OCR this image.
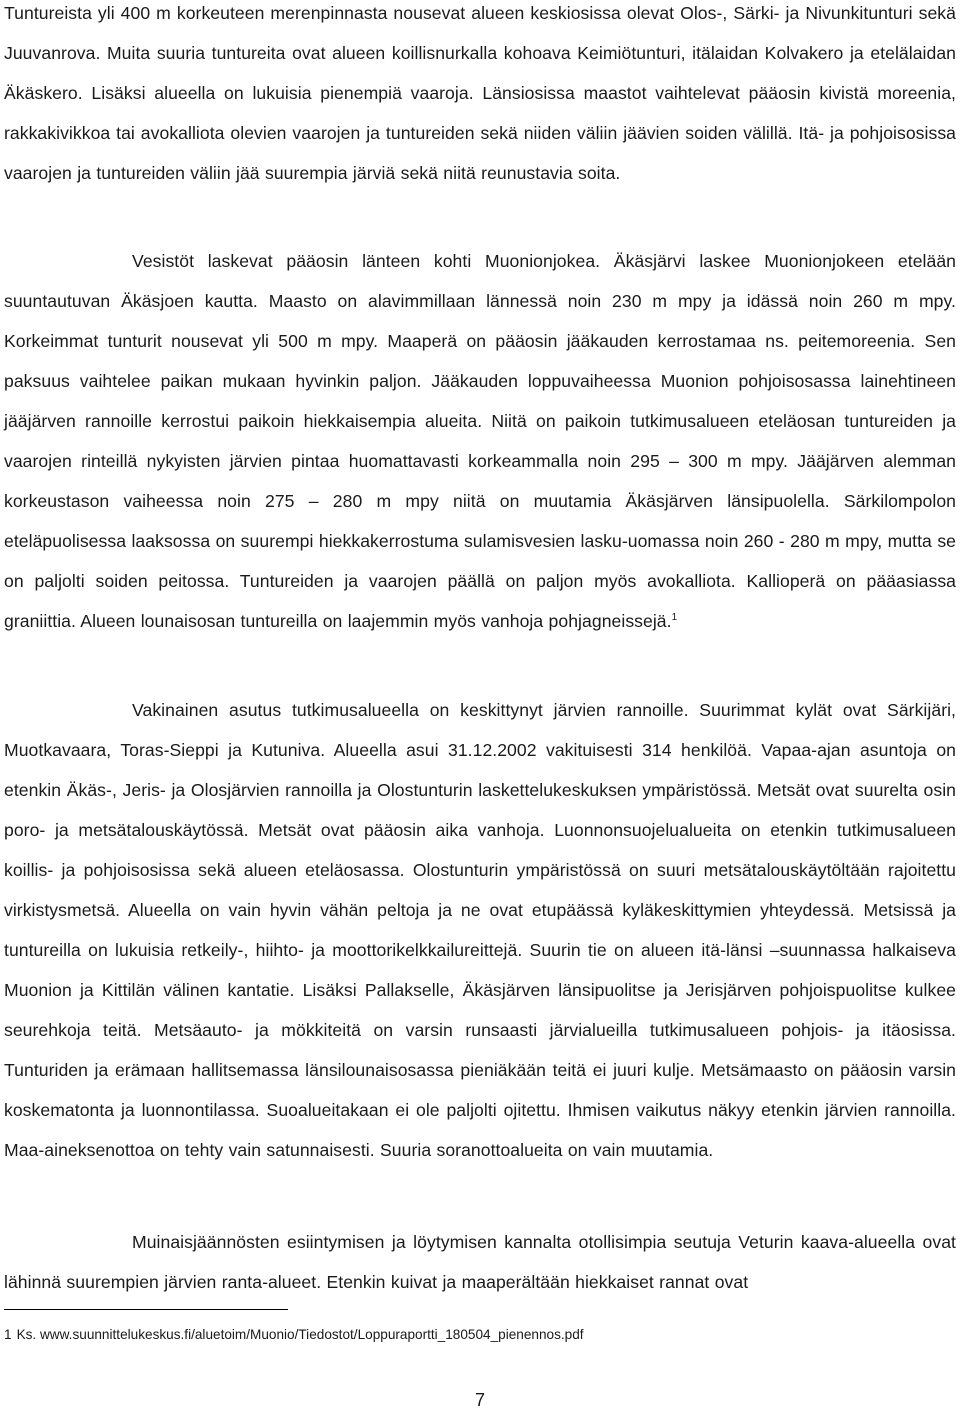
Tuntureista yli 400 m korkeuteen merenpinnasta nousevat alueen keskiosissa olevat Olos-, Särki- ja Nivunkitunturi sekä Juuvanrova. Muita suuria tuntureita ovat alueen koillisnurkalla kohoava Keimiötunturi, itälaidan Kolvakero ja etelälaidan Äkäskero. Lisäksi alueella on lukuisia pienempiä vaaroja. Länsiosissa maastot vaihtelevat pääosin kivistä moreenia, rakkakivikkoa tai avokalliota olevien vaarojen ja tuntureiden sekä niiden väliin jäävien soiden välillä. Itä- ja pohjoisosissa vaarojen ja tuntureiden väliin jää suurempia järviä sekä niitä reunustavia soita.

Vesistöt laskevat pääosin länteen kohti Muonionjokea. Äkäsjärvi laskee Muonionjokeen etelään suuntautuvan Äkäsjoen kautta. Maasto on alavimmillaan lännessä noin 230 m mpy ja idässä noin 260 m mpy. Korkeimmat tunturit nousevat yli 500 m mpy. Maaperä on pääosin jääkauden kerrostamaa ns. peitemoreenia. Sen paksuus vaihtelee paikan mukaan hyvinkin paljon. Jääkauden loppuvaiheessa Muonion pohjoisosassa lainehtineen jääjärven rannoille kerrostui paikoin hiekkaisempia alueita. Niitä on paikoin tutkimusalueen eteläosan tuntureiden ja vaarojen rinteillä nykyisten järvien pintaa huomattavasti korkeammalla noin 295 – 300 m mpy. Jääjärven alemman korkeustason vaiheessa noin 275 – 280 m mpy niitä on muutamia Äkäsjärven länsipuolella. Särkilompolon eteläpuolisessa laaksossa on suurempi hiekkakerrostuma sulamisvesien lasku-uomassa noin 260 - 280 m mpy, mutta se on paljolti soiden peitossa. Tuntureiden ja vaarojen päällä on paljon myös avokalliota. Kallioperä on pääasiassa graniittia. Alueen lounaisosan tuntureilla on laajemmin myös vanhoja pohjagneissejä.$^1$

Vakinainen asutus tutkimusalueella on keskittynyt järvien rannoille. Suurimmat kylät ovat Särkijäri, Muotkavaara, Toras-Sieppi ja Kutuniva. Alueella asui 31.12.2002 vakituisesti 314 henkilöä. Vapaa-ajan asuntoja on etenkin Äkäs-, Jeris- ja Olosjärvien rannoilla ja Olostunturin laskettelukeskuksen ympäristössä. Metsät ovat suurelta osin poro- ja metsätalouskäytössä. Metsät ovat pääosin aika vanhoja. Luonnonsuojelualueita on etenkin tutkimusalueen koillis- ja pohjoisosissa sekä alueen eteläosassa. Olostunturin ympäristössä on suuri metsätalouskäytöltään rajoitettu virkistysmetsä. Alueella on vain hyvin vähän peltoja ja ne ovat etupäässä kyläkeskittymien yhteydessä. Metsissä ja tuntureilla on lukuisia retkeily-, hiihto- ja moottorikelkkailureittejä. Suurin tie on alueen itä-länsi –suunnassa halkaiseva Muonion ja Kittilän välinen kantatie. Lisäksi Pallakselle, Äkäsjärven länsipuolitse ja Jerisjärven pohjoispuolitse kulkee seurehkoja teitä. Metsäauto- ja mökkiteitä on varsin runsaasti järvialueilla tutkimusalueen pohjois- ja itäosissa. Tunturiden ja erämaan hallitsemassa länsilounaisosassa pieniäkään teitä ei juuri kulje. Metsämaasto on pääosin varsin koskematonta ja luonnontilassa. Suoalueitakaan ei ole paljolti ojitettu. Ihmisen vaikutus näkyy etenkin järvien rannoilla. Maa-aineksenottoa on tehty vain satunnaisesti. Suuria soranottoalueita on vain muutamia.

Muinaisjäännösten esiintymisen ja löytymisen kannalta otollisimpia seutuja Veturin kaava-alueella ovat lähinnä suurempien järvien ranta-alueet. Etenkin kuivat ja maaperältään hiekkaiset rannat ovat

1 Ks. www.suunnittelukeskus.fi/aluetoim/Muonio/Tiedostot/Loppuraportti_180504_pienennos.pdf
7
